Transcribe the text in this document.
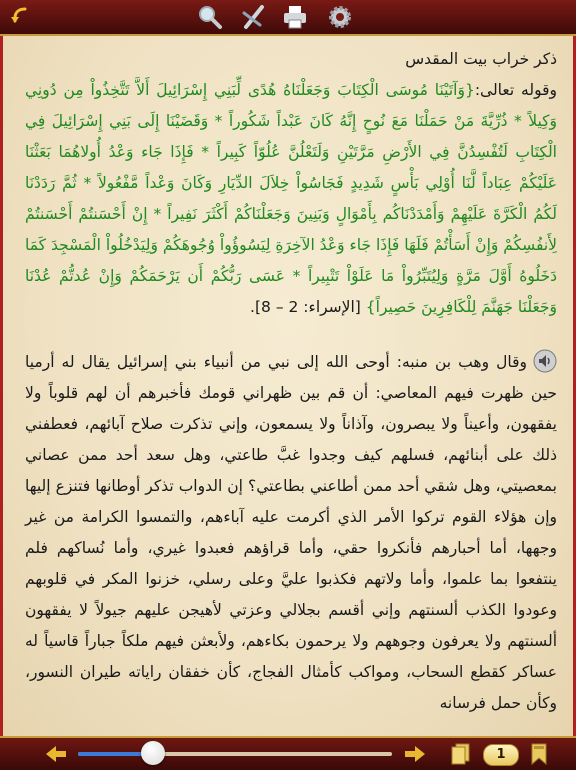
ذكر خراب بيت المقدس

وقوله تعالى:{وَآتَيْنَا مُوسَى الْكِتَابَ وَجَعَلْنَاهُ هُدًى لِّبَنِي إِسْرَائِيلَ أَلاَّ تَتَّخِذُواْ مِن دُونِي وَكِيلاً * ذُرِّيَّةَ مَنْ حَمَلْنَا مَعَ نُوحٍ إِنَّهُ كَانَ عَبْداً شَكُوراً * وَقَضَيْنَا إِلَى بَنِي إِسْرَائِيلَ فِي الْكِتَابِ لَتُفْسِدُنَّ فِي الأَرْضِ مَرَّتَيْنِ وَلَتَعْلُنَّ عُلُوّاً كَبِيراً * فَإِذَا جَاء وَعْدُ أُولاهُمَا بَعَثْنَا عَلَيْكُمْ عِبَاداً لَّنَا أُوْلِي بَأْسٍ شَدِيدٍ فَجَاسُواْ خِلاَلَ الدِّيَارِ وَكَانَ وَعْداً مَّفْعُولاً * ثُمَّ رَدَدْنَا لَكُمُ الْكَرَّةَ عَلَيْهِمْ وَأَمْدَدْنَاكُم بِأَمْوَالٍ وَبَنِينَ وَجَعَلْنَاكُمْ أَكْثَرَ نَفِيراً * إِنْ أَحْسَنتُمْ أَحْسَنتُمْ لِأَنفُسِكُمْ وَإِنْ أَسَأْتُمْ فَلَهَا فَإِذَا جَاء وَعْدُ الآخِرَةِ لِيَسُوؤُواْ وُجُوهَكُمْ وَلِيَدْخُلُواْ الْمَسْجِدَ كَمَا دَخَلُوهُ أَوَّلَ مَرَّةٍ وَلِيُتَبِّرُواْ مَا عَلَوْاْ تَتْبِيراً * عَسَى رَبُّكُمْ أَن يَرْحَمَكُمْ وَإِنْ عُدتُّمْ عُدْنَا وَجَعَلْنَا جَهَنَّمَ لِلْكَافِرِينَ حَصِيراً} [الإسراء: 2 – 8].

وقال وهب بن منبه: أوحى الله إلى نبي من أنبياء بني إسرائيل يقال له أرميا حين ظهرت فيهم المعاصي: أن قم بين ظهراني قومك فأخبرهم أن لهم قلوباً ولا يفقهون، وأعيناً ولا يبصرون، وآذاناً ولا يسمعون، وإني تذكرت صلاح آبائهم، فعطفني ذلك على أبنائهم، فسلهم كيف وجدوا غبَّ طاعتي، وهل سعد أحد ممن عصاني بمعصيتي، وهل شقي أحد ممن أطاعني بطاعتي؟ إن الدواب تذكر أوطانها فتنزع إليها وإن هؤلاء القوم تركوا الأمر الذي أكرمت عليه آباءهم، والتمسوا الكرامة من غير وجهها، أما أحبارهم فأنكروا حقي، وأما قراؤهم فعبدوا غيري، وأما نُساكهم فلم ينتفعوا بما علموا، وأما ولاتهم فكذبوا عليَّ وعلى رسلي، خزنوا المكر في قلوبهم وعودوا الكذب ألسنتهم وإني أقسم بجلالي وعزتي لأهيجن عليهم جيولاً لا يفقهون ألسنتهم ولا يعرفون وجوههم ولا يرحمون بكاءهم، ولأبعثن فيهم ملكاً جباراً قاسياً له عساكر كقطع السحاب، ومواكب كأمثال الفجاج، كأن خفقان راياته طيران النسور، وكأن حمل فرسانه

1
